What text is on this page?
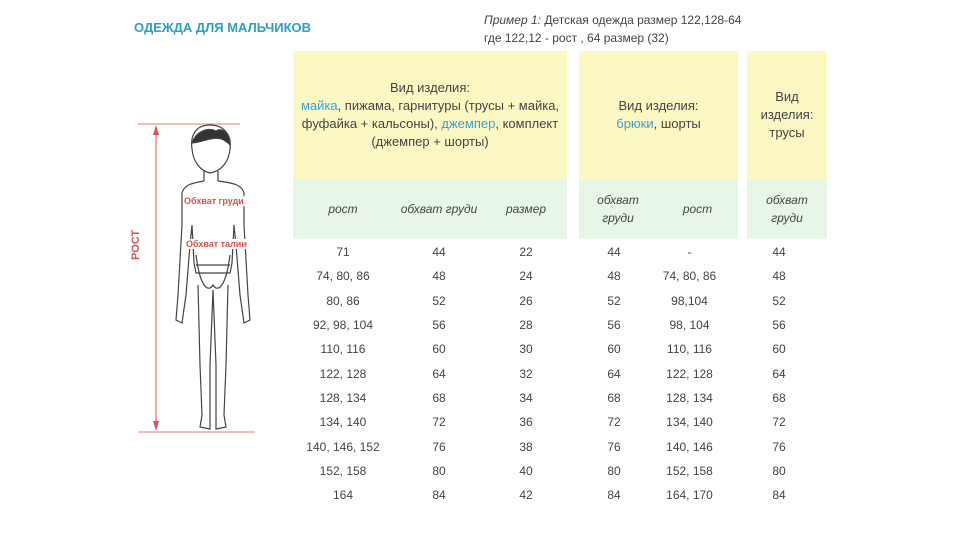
ОДЕЖДА ДЛЯ МАЛЬЧИКОВ	Пример 1: Детская одежда размер 122,128-64
где 122,12 - рост , 64 размер (32)
Обхват груди
Обхват талии
РОСТ
Вид изделия:
майка, пижама, гарнитуры (трусы + майка, фуфайка + кальсоны), джемпер, комплект (джемпер + шорты)
рост	обхват груди	размер
Вид изделия:
брюки, шорты
обхват груди
рост
Вид изделия: трусы
обхват груди
71	44	22	44	-	44
74, 80, 86	48	24	48	74, 80, 86	48
80, 86	52	26	52	98,104	52
92, 98, 104	56	28	56	98, 104	56
110, 116	60	30	60	110, 116	60
122, 128	64	32	64	122, 128	64
128, 134	68	34	68	128, 134	68
134, 140	72	36	72	134, 140	72
140, 146, 152	76	38	76	140, 146	76
152, 158	80	40	80	152, 158	80
164	84	42	84	164, 170	84
